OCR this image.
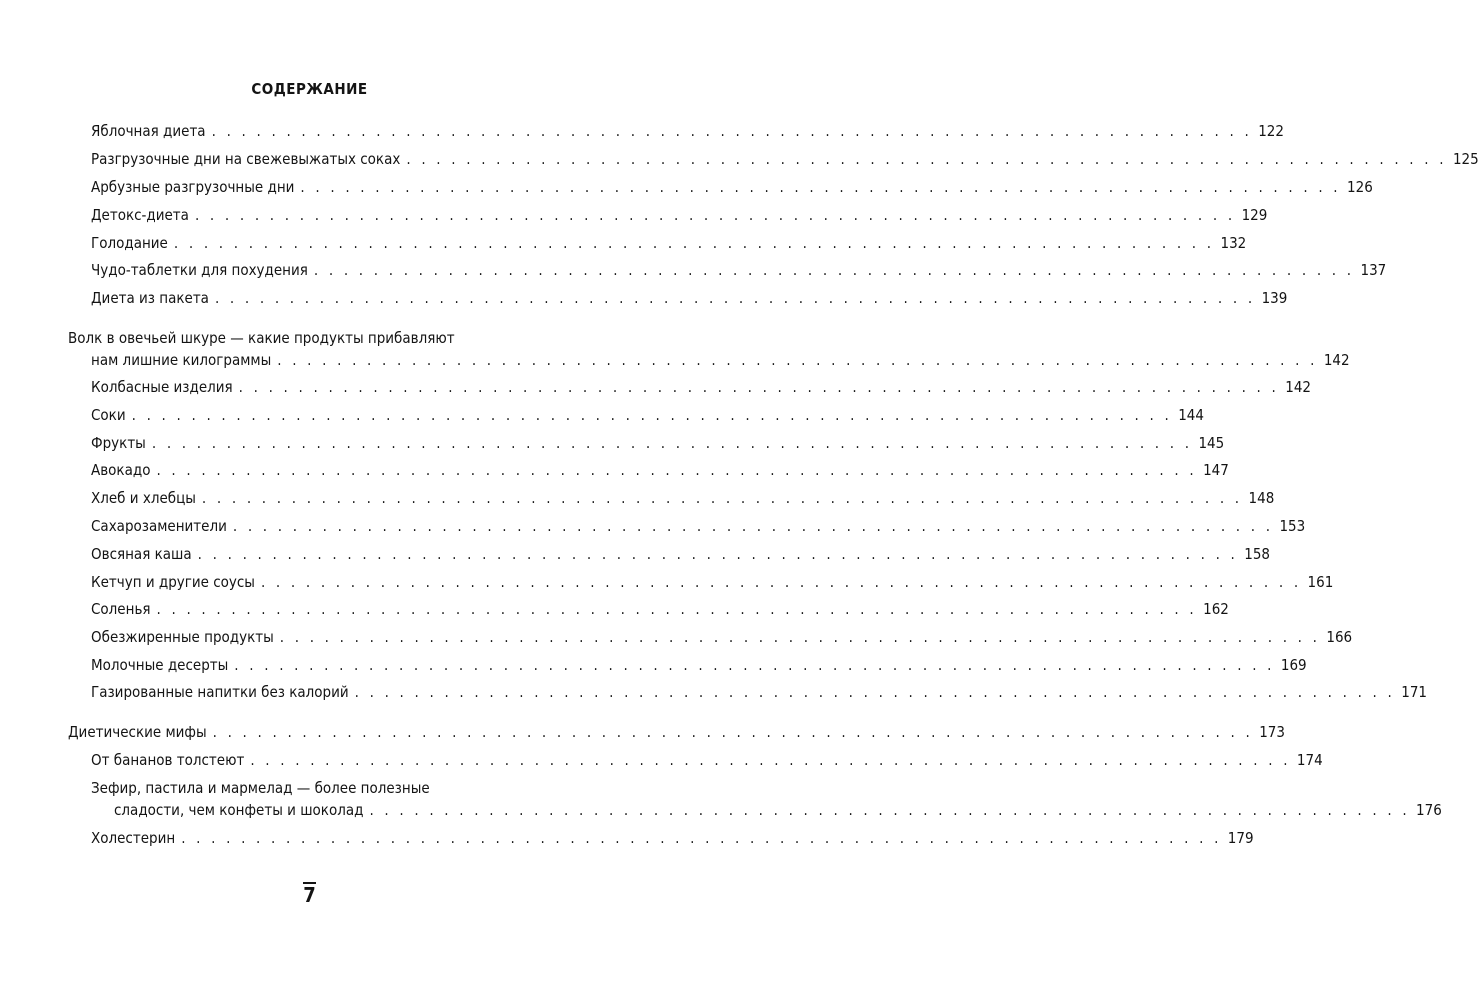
СОДЕРЖАНИЕ
Яблочная диета . . . . . . . . . . . . . . . . . . . . . . . . . . . . . . . . . . . . . . . . . . . . . . . . . . . . . . . . . . . . . . . . . . . . . . 122
Разгрузочные дни на свежевыжатых соках . . . . . . . . . . . . . . . . . . . . . . . . . . . . . . . . . . . . . . . . . . . . . . . . . . . . . . . . . . . . . . . . . . . . . . 125
Арбузные разгрузочные дни . . . . . . . . . . . . . . . . . . . . . . . . . . . . . . . . . . . . . . . . . . . . . . . . . . . . . . . . . . . . . . . . . . . . . . 126
Детокс-диета . . . . . . . . . . . . . . . . . . . . . . . . . . . . . . . . . . . . . . . . . . . . . . . . . . . . . . . . . . . . . . . . . . . . . . 129
Голодание . . . . . . . . . . . . . . . . . . . . . . . . . . . . . . . . . . . . . . . . . . . . . . . . . . . . . . . . . . . . . . . . . . . . . . 132
Чудо-таблетки для похудения . . . . . . . . . . . . . . . . . . . . . . . . . . . . . . . . . . . . . . . . . . . . . . . . . . . . . . . . . . . . . . . . . . . . . . 137
Диета из пакета . . . . . . . . . . . . . . . . . . . . . . . . . . . . . . . . . . . . . . . . . . . . . . . . . . . . . . . . . . . . . . . . . . . . . . 139
Волк в овечьей шкуре — какие продукты прибавляют
нам лишние килограммы . . . . . . . . . . . . . . . . . . . . . . . . . . . . . . . . . . . . . . . . . . . . . . . . . . . . . . . . . . . . . . . . . . . . . . 142
Колбасные изделия . . . . . . . . . . . . . . . . . . . . . . . . . . . . . . . . . . . . . . . . . . . . . . . . . . . . . . . . . . . . . . . . . . . . . . 142
Соки . . . . . . . . . . . . . . . . . . . . . . . . . . . . . . . . . . . . . . . . . . . . . . . . . . . . . . . . . . . . . . . . . . . . . . 144
Фрукты . . . . . . . . . . . . . . . . . . . . . . . . . . . . . . . . . . . . . . . . . . . . . . . . . . . . . . . . . . . . . . . . . . . . . . 145
Авокадо . . . . . . . . . . . . . . . . . . . . . . . . . . . . . . . . . . . . . . . . . . . . . . . . . . . . . . . . . . . . . . . . . . . . . . 147
Хлеб и хлебцы . . . . . . . . . . . . . . . . . . . . . . . . . . . . . . . . . . . . . . . . . . . . . . . . . . . . . . . . . . . . . . . . . . . . . . 148
Сахарозаменители . . . . . . . . . . . . . . . . . . . . . . . . . . . . . . . . . . . . . . . . . . . . . . . . . . . . . . . . . . . . . . . . . . . . . . 153
Овсяная каша . . . . . . . . . . . . . . . . . . . . . . . . . . . . . . . . . . . . . . . . . . . . . . . . . . . . . . . . . . . . . . . . . . . . . . 158
Кетчуп и другие соусы . . . . . . . . . . . . . . . . . . . . . . . . . . . . . . . . . . . . . . . . . . . . . . . . . . . . . . . . . . . . . . . . . . . . . . 161
Соленья . . . . . . . . . . . . . . . . . . . . . . . . . . . . . . . . . . . . . . . . . . . . . . . . . . . . . . . . . . . . . . . . . . . . . . 162
Обезжиренные продукты . . . . . . . . . . . . . . . . . . . . . . . . . . . . . . . . . . . . . . . . . . . . . . . . . . . . . . . . . . . . . . . . . . . . . . 166
Молочные десерты . . . . . . . . . . . . . . . . . . . . . . . . . . . . . . . . . . . . . . . . . . . . . . . . . . . . . . . . . . . . . . . . . . . . . . 169
Газированные напитки без калорий . . . . . . . . . . . . . . . . . . . . . . . . . . . . . . . . . . . . . . . . . . . . . . . . . . . . . . . . . . . . . . . . . . . . . . 171
Диетические мифы . . . . . . . . . . . . . . . . . . . . . . . . . . . . . . . . . . . . . . . . . . . . . . . . . . . . . . . . . . . . . . . . . . . . . . 173
От бананов толстеют . . . . . . . . . . . . . . . . . . . . . . . . . . . . . . . . . . . . . . . . . . . . . . . . . . . . . . . . . . . . . . . . . . . . . . 174
Зефир, пастила и мармелад — более полезные
сладости, чем конфеты и шоколад . . . . . . . . . . . . . . . . . . . . . . . . . . . . . . . . . . . . . . . . . . . . . . . . . . . . . . . . . . . . . . . . . . . . . . 176
Холестерин . . . . . . . . . . . . . . . . . . . . . . . . . . . . . . . . . . . . . . . . . . . . . . . . . . . . . . . . . . . . . . . . . . . . . . 179
7
